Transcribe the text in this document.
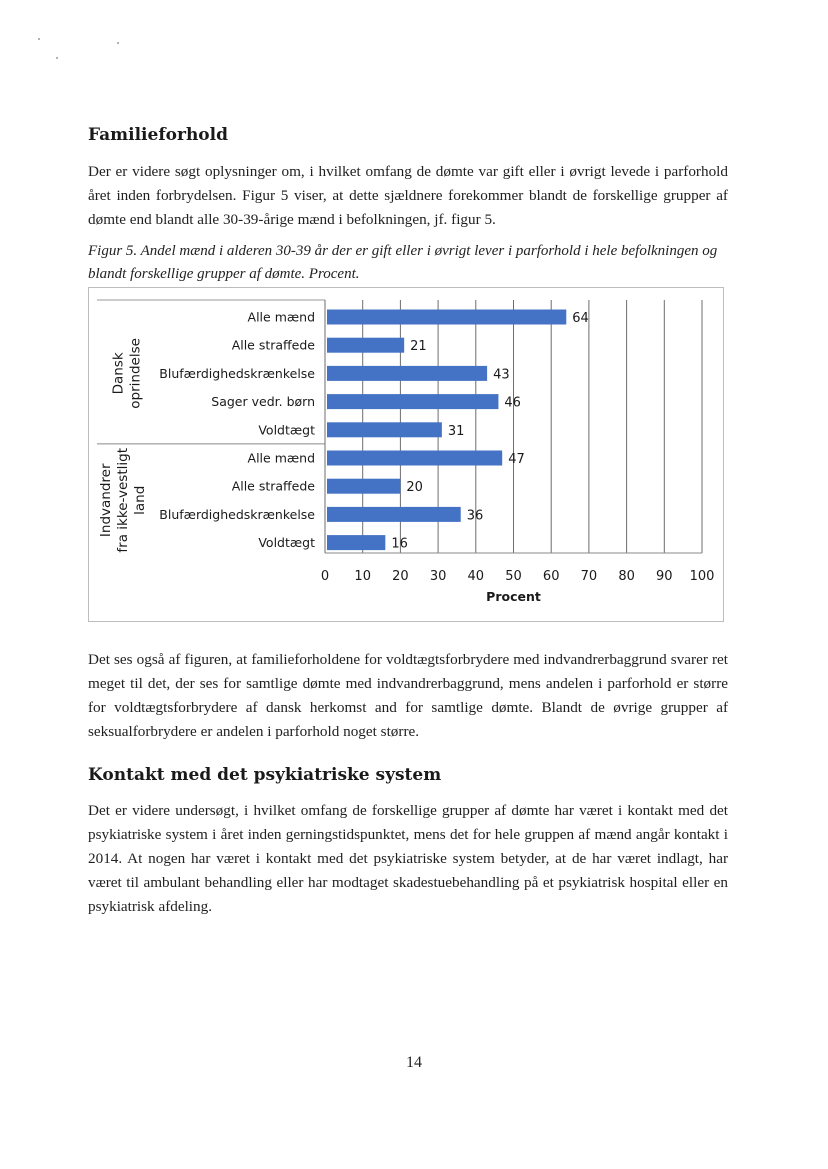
Familieforhold

Der er videre søgt oplysninger om, i hvilket omfang de dømte var gift eller i øvrigt levede i parforhold året inden forbrydelsen. Figur 5 viser, at dette sjældnere forekommer blandt de forskellige grupper af dømte end blandt alle 30-39-årige mænd i befolkningen, jf. figur 5.

Figur 5. Andel mænd i alderen 30-39 år der er gift eller i øvrigt lever i parforhold i hele befolkningen og blandt forskellige grupper af dømte. Procent.

Alle mænd	64
Alle straffede	21
Blufærdighedskrænkelse	43
Sager vedr. børn	46
Voldtægt	31
Danskoprindelse
Alle mænd	47
Alle straffede	20
Blufærdighedskrænkelse	36
Voldtægt	16
Indvandrerfra ikke-vestligtland
0 10 20 30 40 50 60 70 80 90 100
Procent

Det ses også af figuren, at familieforholdene for voldtægtsforbrydere med indvandrerbaggrund svarer ret meget til det, der ses for samtlige dømte med indvandrerbaggrund, mens andelen i parforhold er større for voldtægtsforbrydere af dansk herkomst and for samtlige dømte. Blandt de øvrige grupper af seksualforbrydere er andelen i parforhold noget større.

Kontakt med det psykiatriske system

Det er videre undersøgt, i hvilket omfang de forskellige grupper af dømte har været i kontakt med det psykiatriske system i året inden gerningstidspunktet, mens det for hele gruppen af mænd angår kontakt i 2014. At nogen har været i kontakt med det psykiatriske system betyder, at de har været indlagt, har været til ambulant behandling eller har modtaget skadestuebehandling på et psykiatrisk hospital eller en psykiatrisk afdeling.

14
